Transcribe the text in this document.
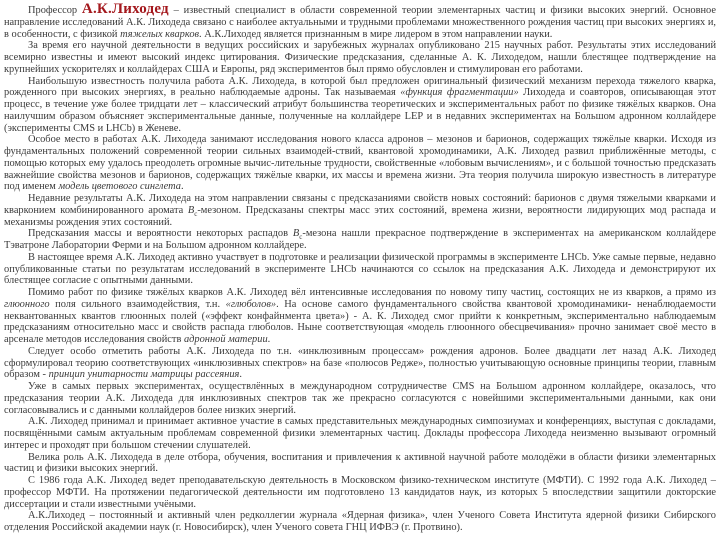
Профессор А.К.Лиходед – известный специалист в области современной теории элементарных частиц и физики высоких энергий. Основное направление исследований А.К. Лиходеда связано с наиболее актуальными и трудными проблемами множественного рождения частиц при высоких энергиях и, в особенности, с физикой тяжелых кварков. А.К.Лиходед является признанным в мире лидером в этом направлении науки.

За время его научной деятельности в ведущих российских и зарубежных журналах опубликовано 215 научных работ. Результаты этих исследований всемирно известны и имеют высокий индекс цитирования. Физические предсказания, сделанные А. К. Лиходедом, нашли блестящее подтверждение на крупнейших ускорителях и коллайдерах США и Европы, ряд экспериментов был прямо обусловлен и стимулирован его работами.

Наибольшую известность получила работа А.К. Лиходеда, в которой был предложен оригинальный физический механизм перехода тяжелого кварка, рожденного при высоких энергиях, в реально наблюдаемые адроны. Так называемая «функция фрагментации» Лиходеда и соавторов, описывающая этот процесс, в течение уже более тридцати лет – классический атрибут большинства теоретических и экспериментальных работ по физике тяжёлых кварков. Она наилучшим образом объясняет экспериментальные данные, полученные на коллайдере LEP и в недавних экспериментах на Большом адронном коллайдере (эксперименты CMS и LHCb) в Женеве.

Особое место в работах А.К. Лиходеда занимают исследования нового класса адронов – мезонов и барионов, содержащих тяжёлые кварки. Исходя из фундаментальных положений современной теории сильных взаимодей-ствий, квантовой хромодинамики, А.К. Лиходед развил приближённые методы, с помощью которых ему удалось преодолеть огромные вычис-лительные трудности, свойственные «лобовым вычислениям», и с большой точностью предсказать важнейшие свойства мезонов и барионов, содержащих тяжёлые кварки, их массы и времена жизни. Эта теория получила широкую известность в литературе под именем модель цветового синглета.

Недавние результаты А.К. Лиходеда на этом направлении связаны с предсказаниями свойств новых состояний: барионов с двумя тяжелыми кварками и кварконием комбинированного аромата $B_c$-мезоном. Предсказаны спектры масс этих состояний, времена жизни, вероятности лидирующих мод распада и механизмы рождения этих состояний.

Предсказания массы и вероятности некоторых распадов $B_c$-мезона нашли прекрасное подтверждение в экспериментах на американском коллайдере Тэватроне Лаборатории Ферми и на Большом адронном коллайдере.

В настоящее время А.К. Лиходед активно участвует в подготовке и реализации физической программы в эксперименте LHCb. Уже самые первые, недавно опубликованные статьи по результатам исследований в эксперименте LHCb начинаются со ссылок на предсказания А.К. Лиходеда и демонстрируют их блестящее согласие с опытными данными.

Помимо работ по физике тяжёлых кварков А.К. Лиходед вёл интенсивные исследования по новому типу частиц, состоящих не из кварков, а прямо из глюонного поля сильного взаимодействия, т.н. «глюболов». На основе самого фундаментального свойства квантовой хромодинамики- ненаблюдаемости неквантованных квантов глюонных полей («эффект конфайнмента цвета») - А. К. Лиходед смог прийти к конкретным, экспериментально наблюдаемым предсказаниям относительно масс и свойств распада глюболов. Ныне соответствующая «модель глюонного обесцвечивания» прочно занимает своё место в арсенале методов исследования свойств адронной материи.

Следует особо отметить работы А.К. Лиходеда по т.н. «инклюзивным процессам» рождения адронов. Более двадцати лет назад А.К. Лиходед сформулировал теорию соответствующих «инклюзивных спектров» на базе «полюсов Редже», полностью учитывающую основные принципы теории, главным образом - принцип унитарности матрицы рассеяния.

Уже в самых первых экспериментах, осуществлённых в международном сотрудничестве CMS на Большом адронном коллайдере, оказалось, что предсказания теории А.К. Лиходеда для инклюзивных спектров так же прекрасно согласуются с новейшими экспериментальными данными, как они согласовывались и с данными коллайдеров более низких энергий.

А.К. Лиходед принимал и принимает активное участие в самых представительных международных симпозиумах и конференциях, выступая с докладами, посвящёнными самым актуальным проблемам современной физики элементарных частиц. Доклады профессора Лиходеда неизменно вызывают огромный интерес и проходят при большом стечении слушателей.

Велика роль А.К. Лиходеда в деле отбора, обучения, воспитания и привлечения к активной научной работе молодёжи в области физики элементарных частиц и физики высоких энергий.

С 1986 года А.К. Лиходед ведет преподавательскую деятельность в Московском физико-техническом институте (МФТИ). С 1992 года А.К. Лиходед – профессор МФТИ. На протяжении педагогической деятельности им подготовлено 13 кандидатов наук, из которых 5 впоследствии защитили докторские диссертации и стали известными учёными.

А.К.Лиходед – постоянный и активный член редколлегии журнала «Ядерная физика», член Ученого Совета Института ядерной физики Сибирского отделения Российской академии наук (г. Новосибирск), член Ученого совета ГНЦ ИФВЭ (г. Протвино).
